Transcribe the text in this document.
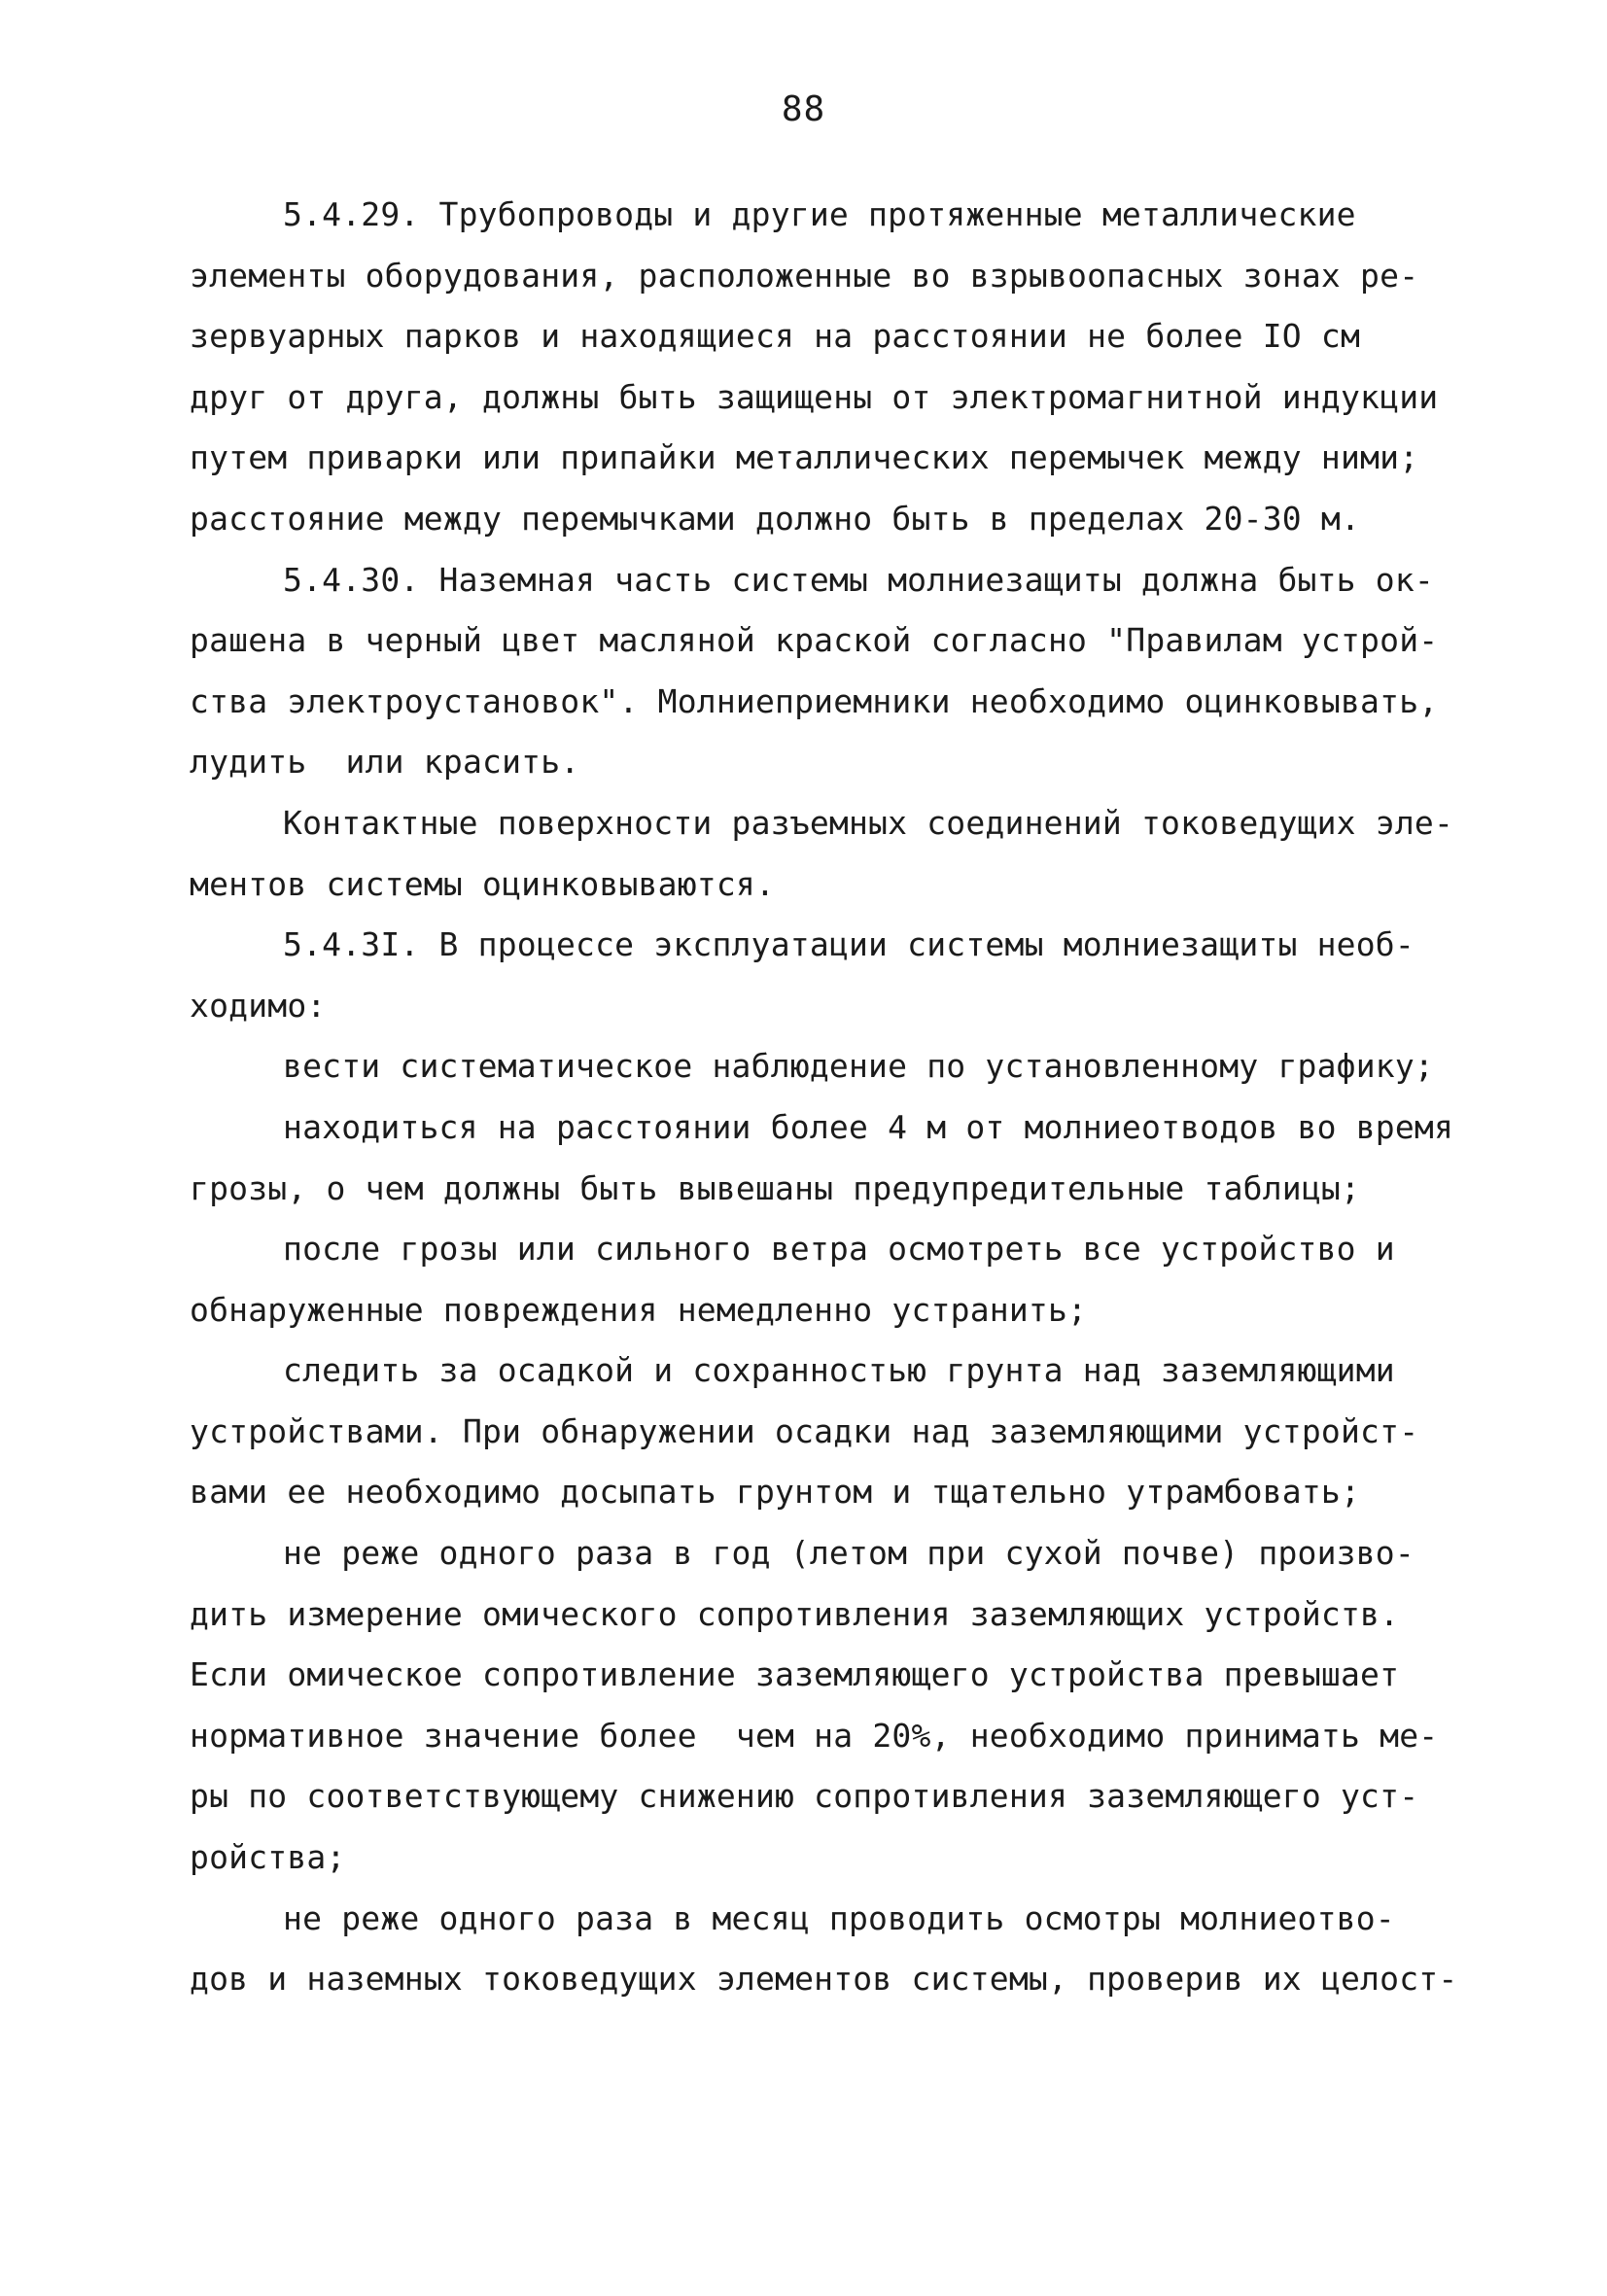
88
5.4.29. Трубопроводы и другие протяженные металлические
элементы оборудования, расположенные во взрывоопасных зонах ре-
зервуарных парков и находящиеся на расстоянии не более IO см
друг от друга, должны быть защищены от электромагнитной индукции
путем приварки или припайки металлических перемычек между ними;
расстояние между перемычками должно быть в пределах 20-30 м.
5.4.30. Наземная часть системы молниезащиты должна быть ок-
рашена в черный цвет масляной краской согласно "Правилам устрой-
ства электроустановок". Молниеприемники необходимо оцинковывать,
лудить  или красить.
Контактные поверхности разъемных соединений токоведущих эле-
ментов системы оцинковываются.
5.4.3I. В процессе эксплуатации системы молниезащиты необ-
ходимо:
вести систематическое наблюдение по установленному графику;
находиться на расстоянии более 4 м от молниеотводов во время
грозы, о чем должны быть вывешаны предупредительные таблицы;
после грозы или сильного ветра осмотреть все устройство и
обнаруженные повреждения немедленно устранить;
следить за осадкой и сохранностью грунта над заземляющими
устройствами. При обнаружении осадки над заземляющими устройст-
вами ее необходимо досыпать грунтом и тщательно утрамбовать;
не реже одного раза в год (летом при сухой почве) произво-
дить измерение омического сопротивления заземляющих устройств.
Если омическое сопротивление заземляющего устройства превышает
нормативное значение более  чем на 20%, необходимо принимать ме-
ры по соответствующему снижению сопротивления заземляющего уст-
ройства;
не реже одного раза в месяц проводить осмотры молниеотво-
дов и наземных токоведущих элементов системы, проверив их целост-
